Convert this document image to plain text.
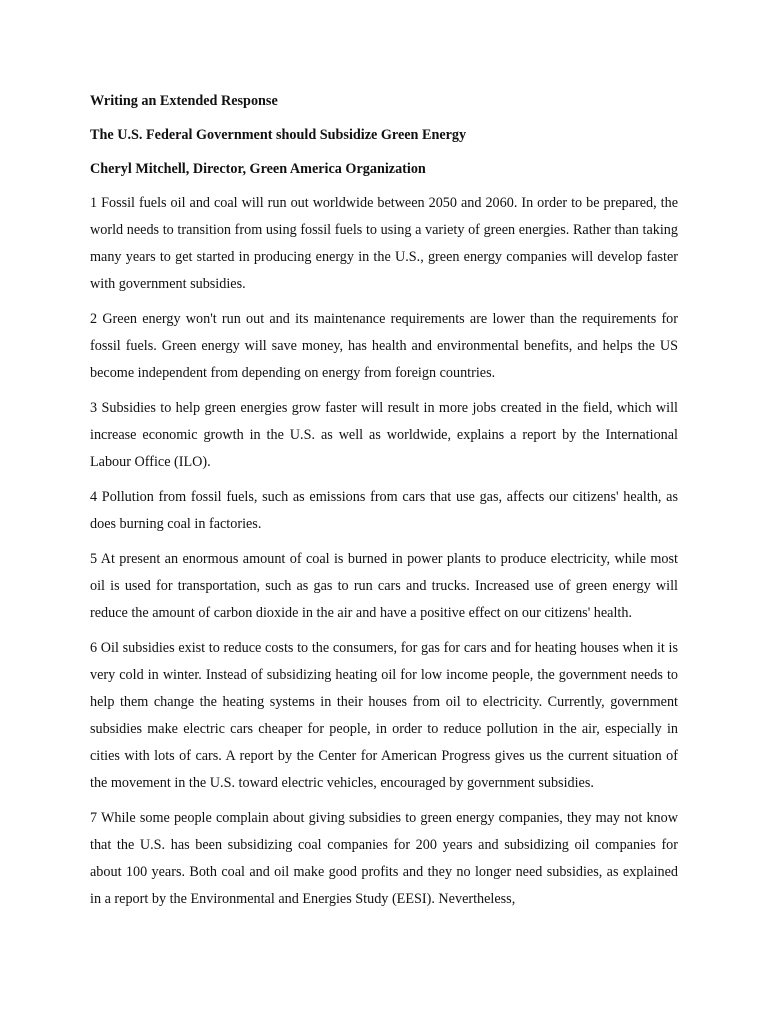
Writing an Extended Response
The U.S. Federal Government should Subsidize Green Energy
Cheryl Mitchell, Director, Green America Organization

1 Fossil fuels oil and coal will run out worldwide between 2050 and 2060. In order to be prepared, the world needs to transition from using fossil fuels to using a variety of green energies. Rather than taking many years to get started in producing energy in the U.S., green energy companies will develop faster with government subsidies.

2 Green energy won't run out and its maintenance requirements are lower than the requirements for fossil fuels. Green energy will save money, has health and environmental benefits, and helps the US become independent from depending on energy from foreign countries.

3 Subsidies to help green energies grow faster will result in more jobs created in the field, which will increase economic growth in the U.S. as well as worldwide, explains a report by the International Labour Office (ILO).

4 Pollution from fossil fuels, such as emissions from cars that use gas, affects our citizens' health, as does burning coal in factories.

5 At present an enormous amount of coal is burned in power plants to produce electricity, while most oil is used for transportation, such as gas to run cars and trucks. Increased use of green energy will reduce the amount of carbon dioxide in the air and have a positive effect on our citizens' health.

6 Oil subsidies exist to reduce costs to the consumers, for gas for cars and for heating houses when it is very cold in winter. Instead of subsidizing heating oil for low income people, the government needs to help them change the heating systems in their houses from oil to electricity. Currently, government subsidies make electric cars cheaper for people, in order to reduce pollution in the air, especially in cities with lots of cars. A report by the Center for American Progress gives us the current situation of the movement in the U.S. toward electric vehicles, encouraged by government subsidies.

7 While some people complain about giving subsidies to green energy companies, they may not know that the U.S. has been subsidizing coal companies for 200 years and subsidizing oil companies for about 100 years. Both coal and oil make good profits and they no longer need subsidies, as explained in a report by the Environmental and Energies Study (EESI). Nevertheless,
